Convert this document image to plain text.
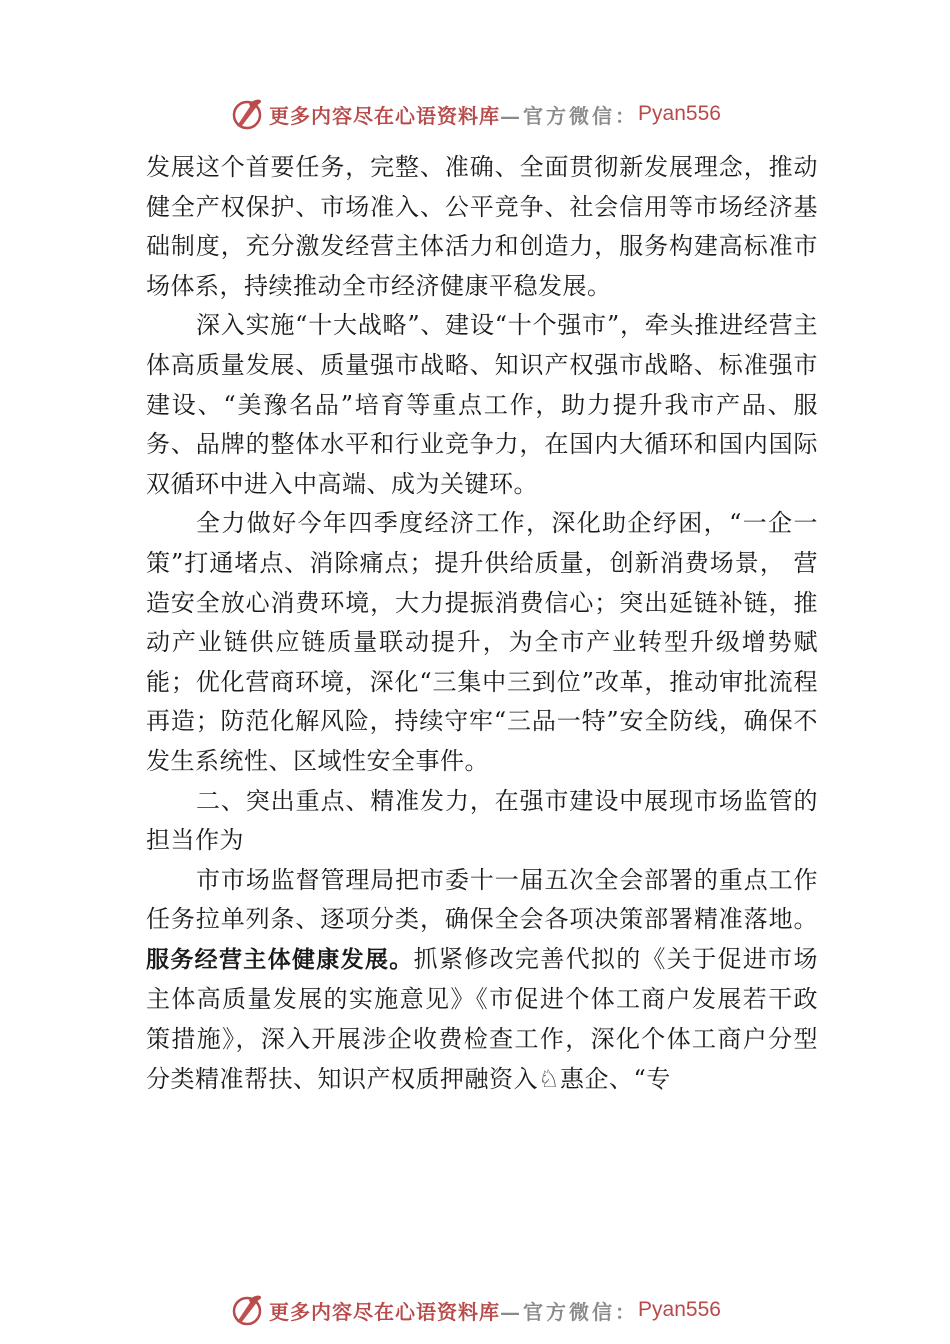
更多内容尽在心语资料库 —官方微信： Pyan556

发展这个首要任务，完整、准确、全面贯彻新发展理念，推动健全产权保护、市场准入、公平竞争、社会信用等市场经济基础制度，充分激发经营主体活力和创造力，服务构建高标准市场体系，持续推动全市经济健康平稳发展。

深入实施“十大战略”、建设“十个强市”，牵头推进经营主体高质量发展、质量强市战略、知识产权强市战略、标准强市建设、“美豫名品”培育等重点工作，助力提升我市产品、服务、品牌的整体水平和行业竞争力，在国内大循环和国内国际双循环中进入中高端、成为关键环。

全力做好今年四季度经济工作，深化助企纾困，“一企一策”打通堵点、消除痛点；提升供给质量，创新消费场景， 营造安全放心消费环境，大力提振消费信心；突出延链补链，推动产业链供应链质量联动提升，为全市产业转型升级增势赋能；优化营商环境，深化“三集中三到位”改革，推动审批流程再造；防范化解风险，持续守牢“三品一特”安全防线，确保不发生系统性、区域性安全事件。

二、突出重点、精准发力，在强市建设中展现市场监管的担当作为

市市场监督管理局把市委十一届五次全会部署的重点工作任务拉单列条、逐项分类，确保全会各项决策部署精准落地。服务经营主体健康发展。抓紧修改完善代拟的《关于促进市场主体高质量发展的实施意见》《市促进个体工商户发展若干政策措施》，深入开展涉企收费检查工作，深化个体工商户分型分类精准帮扶、知识产权质押融资入♘惠企、“专

更多内容尽在心语资料库 —官方微信： Pyan556
